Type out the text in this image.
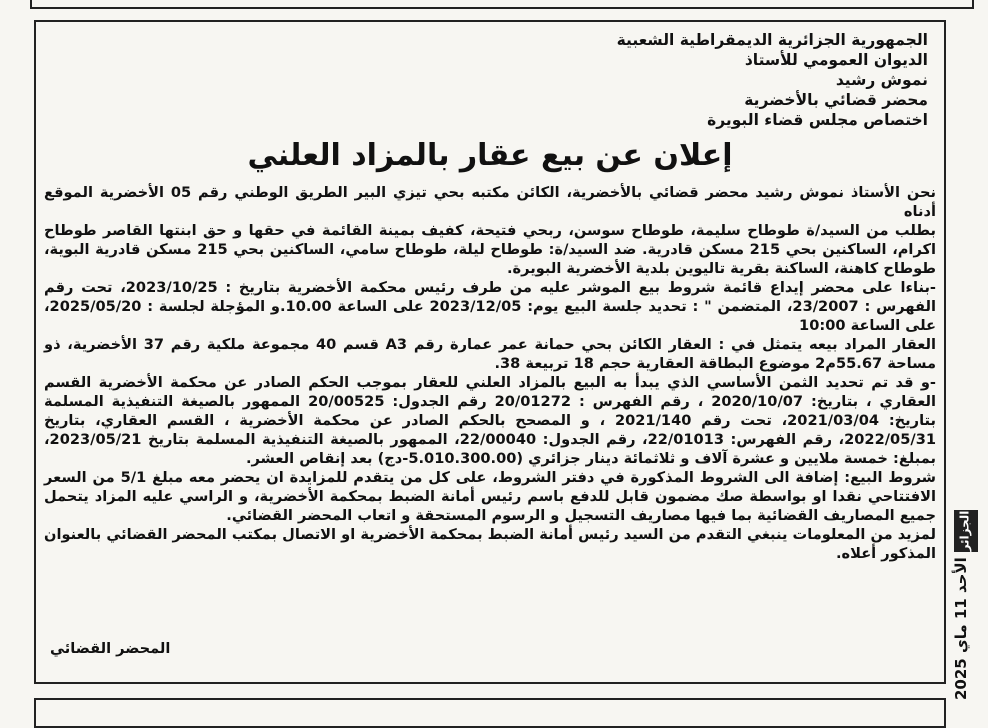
الجمهورية الجزائرية الديمقراطية الشعبية
الديوان العمومي للأستاذ
نموش رشيد
محضر قضائي بالأخضرية
اختصاص مجلس قضاء البويرة
إعلان عن بيع عقار بالمزاد العلني

نحن الأستاذ نموش رشيد محضر قضائي بالأخضرية، الكائن مكتبه بحي تيزي البير الطريق الوطني رقم 05 الأخضرية الموقع أدناه

بطلب من السيد/ة طوطاح سليمة، طوطاح سوسن، ربحي فتيحة، كفيف بمينة القائمة في حقها و حق ابنتها القاصر طوطاح اكرام، الساكنين بحي 215 مسكن قادرية. ضد السيد/ة: طوطاح ليلة، طوطاح سامي، الساكنين بحي 215 مسكن قادرية البوية، طوطاح كاهنة، الساكنة بقرية تاليوين بلدية الأخضرية البويرة.

-بناءا على محضر إيداع قائمة شروط بيع الموشر عليه من طرف رئيس محكمة الأخضرية بتاريخ : 2023/10/25، تحت رقم الفهرس : 23/2007، المتضمن " : تحديد جلسة البيع يوم: 2023/12/05 على الساعة 10.00.و المؤجلة لجلسة : 2025/05/20، على الساعة 10:00

العقار المراد بيعه يتمثل في : العقار الكائن بحي حمانة عمر عمارة رقم A3 قسم 40 مجموعة ملكية رقم 37 الأخضرية، ذو مساحة 55.67م2 موضوع البطاقة العقارية حجم 18 تربيعة 38.

-و قد تم تحديد الثمن الأساسي الذي يبدأ به البيع بالمزاد العلني للعقار بموجب الحكم الصادر عن محكمة الأخضرية القسم العقاري ، بتاريخ: 2020/10/07 ، رقم الفهرس : 20/01272 رقم الجدول: 20/00525 الممهور بالصيغة التنفيذية المسلمة بتاريخ: 2021/03/04، تحت رقم 2021/140 ، و المصحح بالحكم الصادر عن محكمة الأخضرية ، القسم العقاري، بتاريخ 2022/05/31، رقم الفهرس: 22/01013، رقم الجدول: 22/00040، الممهور بالصيغة التنفيذية المسلمة بتاريخ 2023/05/21، بمبلغ: خمسة ملايين و عشرة آلاف و ثلاثمائة دينار جزائري (5.010.300.00-دج) بعد إنقاص العشر.

شروط البيع: إضافة الى الشروط المذكورة في دفتر الشروط، على كل من يتقدم للمزايدة ان يحضر معه مبلغ 5/1 من السعر الافتتاحي نقدا او بواسطة صك مضمون قابل للدفع باسم رئيس أمانة الضبط بمحكمة الأخضرية، و الراسي عليه المزاد يتحمل جميع المصاريف القضائية بما فيها مصاريف التسجيل و الرسوم المستحقة و اتعاب المحضر القضائي.

لمزيد من المعلومات ينبغي التقدم من السيد رئيس أمانة الضبط بمحكمة الأخضرية او الاتصال بمكتب المحضر القضائي بالعنوان المذكور أعلاه.

المحضر القضائي
الجزائر
الأحد 11 ماي 2025
